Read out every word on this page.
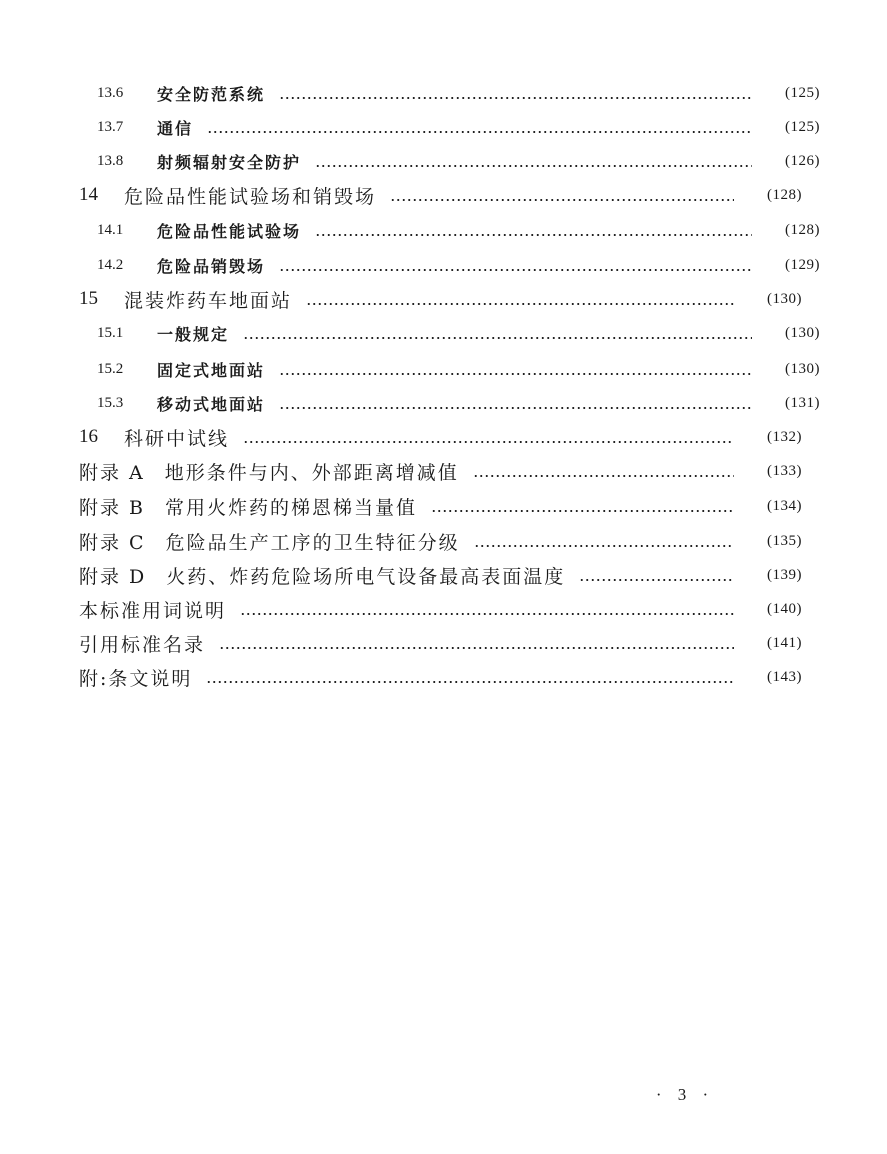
13.6	安全防范系统	(125)
13.7	通信	(125)
13.8	射频辐射安全防护	(126)
14	危险品性能试验场和销毁场	(128)
14.1	危险品性能试验场	(128)
14.2	危险品销毁场	(129)
15	混装炸药车地面站	(130)
15.1	一般规定	(130)
15.2	固定式地面站	(130)
15.3	移动式地面站	(131)
16	科研中试线	(132)
附录 A	地形条件与内、外部距离增减值	(133)
附录 B	常用火炸药的梯恩梯当量值	(134)
附录 C	危险品生产工序的卫生特征分级	(135)
附录 D	火药、炸药危险场所电气设备最高表面温度	(139)
本标准用词说明	(140)
引用标准名录	(141)
附:条文说明	(143)
· 3 ·
